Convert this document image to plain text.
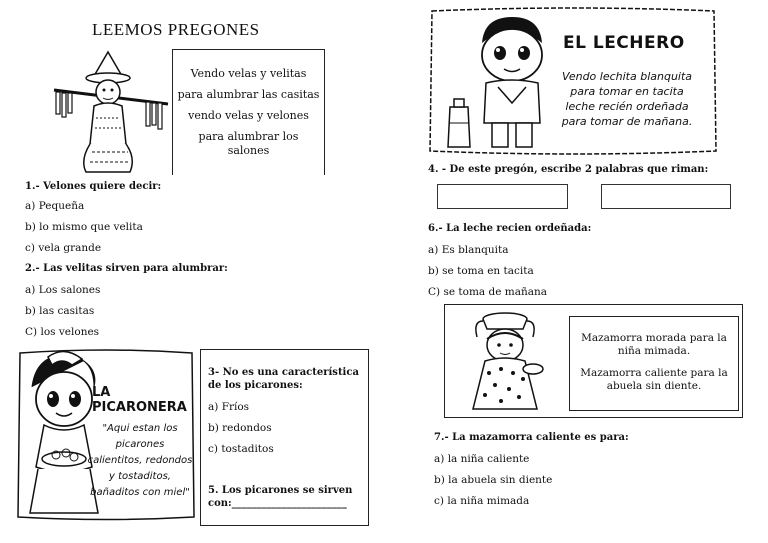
LEEMOS PREGONES

Vendo velas y velitas

para alumbrar las casitas

vendo velas y velones

para alumbrar los salones

1.- Velones quiere decir:
a) Pequeña
b) lo mismo que velita
c) vela grande
2.- Las velitas sirven para alumbrar:
a) Los salones
b) las casitas
C) los velones
LA PICARONERA
"Aqui estan los picarones
calientitos, redondos
y tostaditos,
bañaditos con miel"
3- No es una característica
de los picarones:
a) Fríos
b) redondos
c) tostaditos
5. Los picarones se sirven
con:_______________________
EL LECHERO
Vendo lechita blanquita
para tomar en tacita
leche recién ordeñada
para tomar de mañana.
4. - De este pregón, escribe 2 palabras que riman:
6.- La leche recien ordeñada:
a) Es blanquita
b) se toma en tacita
C) se toma de mañana
Mazamorra morada para la niña mimada.
Mazamorra caliente para la abuela sin diente.
7.- La mazamorra caliente es para:
a) la niña caliente
b) la abuela sin diente
c) la niña mimada
